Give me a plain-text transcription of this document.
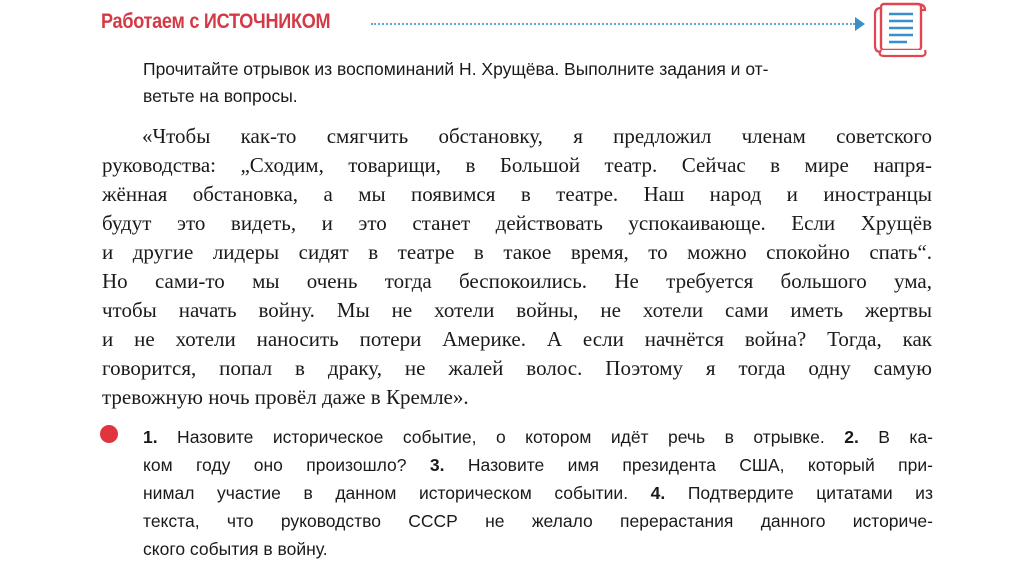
Работаем с ИСТОЧНИКОМ
Прочитайте отрывок из воспоминаний Н. Хрущёва. Выполните задания и от-
ветьте на вопросы.
«Чтобы как-то смягчить обстановку, я предложил членам советского
руководства: „Сходим, товарищи, в Большой театр. Сейчас в мире напря-
жённая обстановка, а мы появимся в театре. Наш народ и иностранцы
будут это видеть, и это станет действовать успокаивающе. Если Хрущёв
и другие лидеры сидят в театре в такое время, то можно спокойно спать“.
Но сами-то мы очень тогда беспокоились. Не требуется большого ума,
чтобы начать войну. Мы не хотели войны, не хотели сами иметь жертвы
и не хотели наносить потери Америке. А если начнётся война? Тогда, как
говорится, попал в драку, не жалей волос. Поэтому я тогда одну самую
тревожную ночь провёл даже в Кремле».
1. Назовите историческое событие, о котором идёт речь в отрывке. 2. В ка-
ком году оно произошло? 3. Назовите имя президента США, который при-
нимал участие в данном историческом событии. 4. Подтвердите цитатами из
текста, что руководство СССР не желало перерастания данного историче-
ского события в войну.
